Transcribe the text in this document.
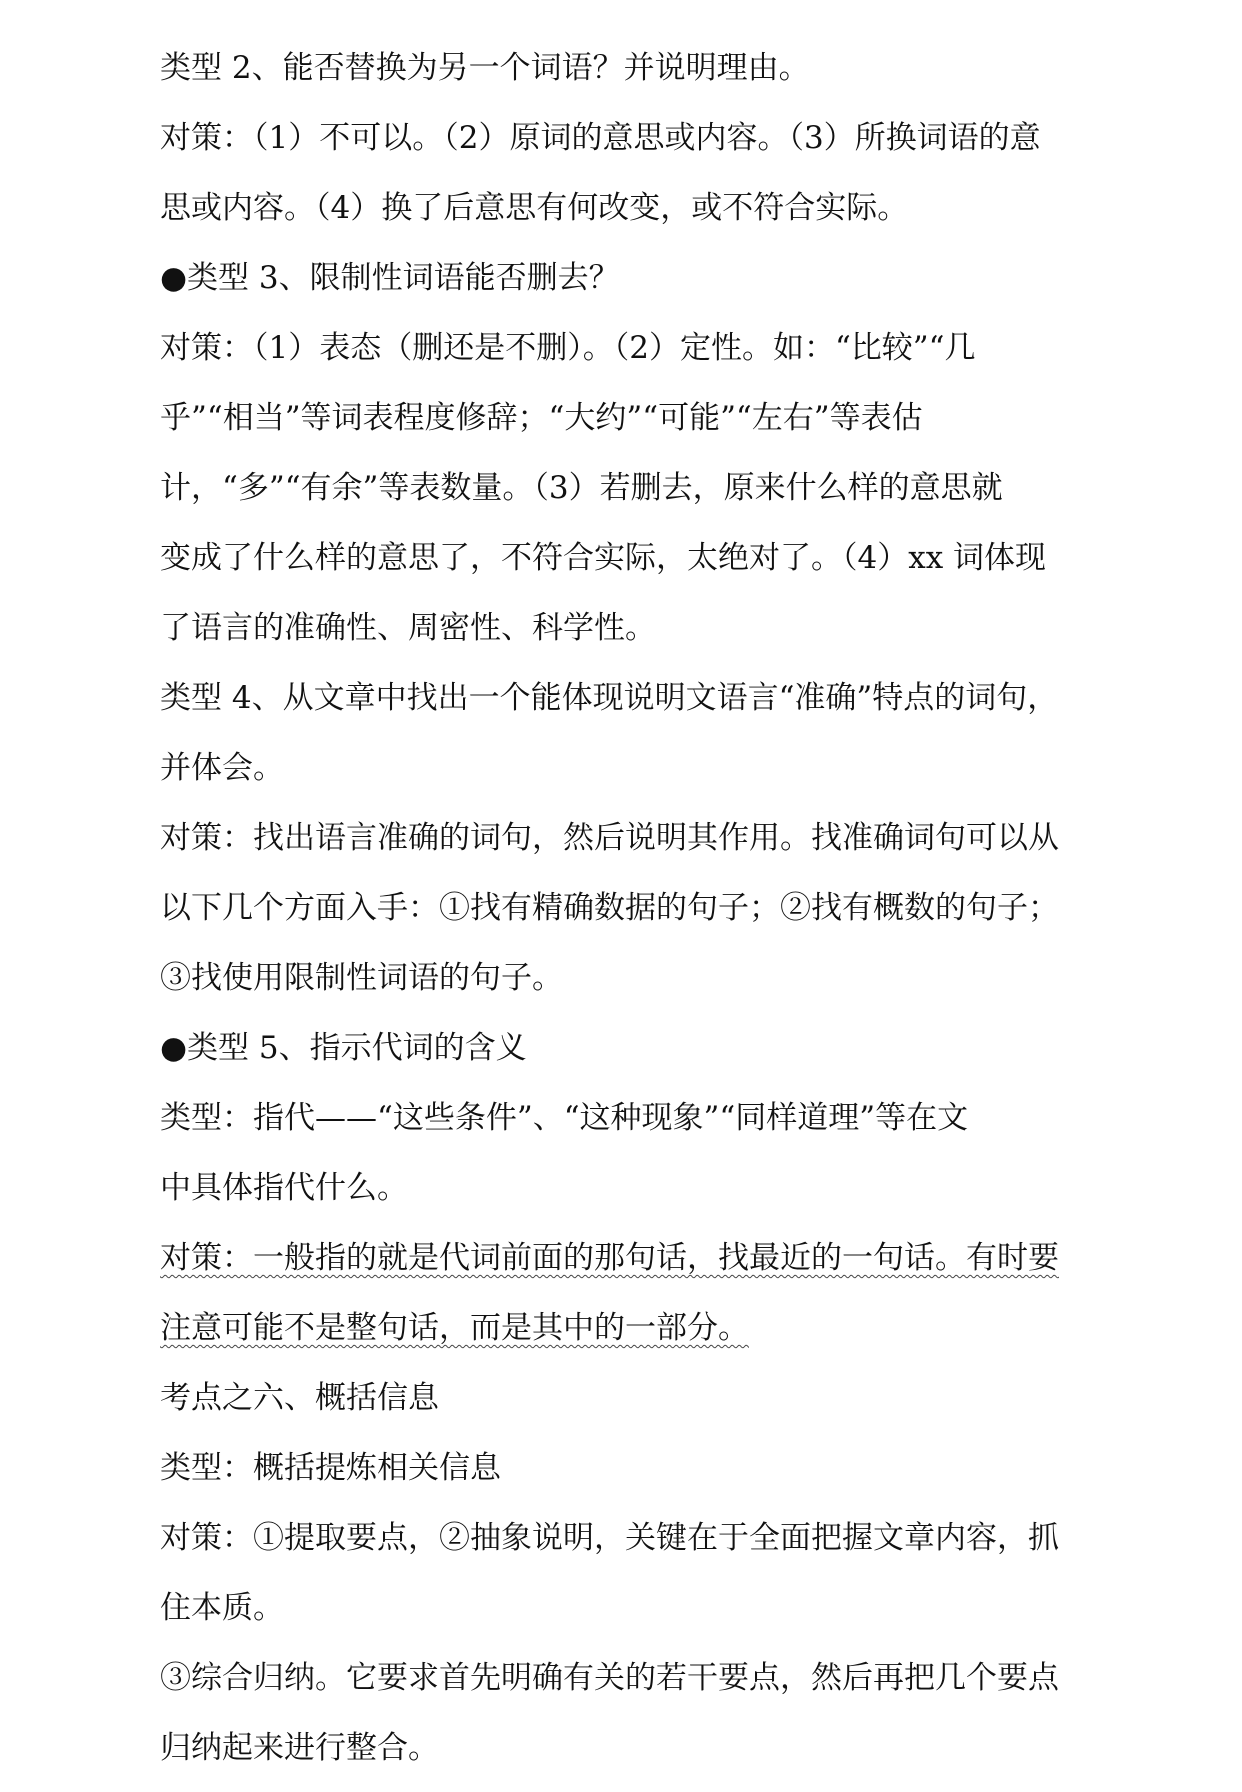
类型 2、能否替换为另一个词语？并说明理由。
对策：（1）不可以。（2）原词的意思或内容。（3）所换词语的意
思或内容。（4）换了后意思有何改变，或不符合实际。
●类型 3、限制性词语能否删去？
对策：（1）表态（删还是不删）。（2）定性。如：“比较”“几
乎”“相当”等词表程度修辞；“大约”“可能”“左右”等表估
计，“多”“有余”等表数量。（3）若删去，原来什么样的意思就
变成了什么样的意思了，不符合实际，太绝对了。（4）xx 词体现
了语言的准确性、周密性、科学性。
类型 4、从文章中找出一个能体现说明文语言“准确”特点的词句，
并体会。
对策：找出语言准确的词句，然后说明其作用。找准确词句可以从
以下几个方面入手：①找有精确数据的句子；②找有概数的句子；
③找使用限制性词语的句子。
●类型 5、指示代词的含义
类型：指代——“这些条件”、“这种现象”“同样道理”等在文
中具体指代什么。
对策：一般指的就是代词前面的那句话，找最近的一句话。有时要
注意可能不是整句话，而是其中的一部分。
考点之六、概括信息
类型：概括提炼相关信息
对策：①提取要点，②抽象说明，关键在于全面把握文章内容，抓
住本质。
③综合归纳。它要求首先明确有关的若干要点，然后再把几个要点
归纳起来进行整合。
